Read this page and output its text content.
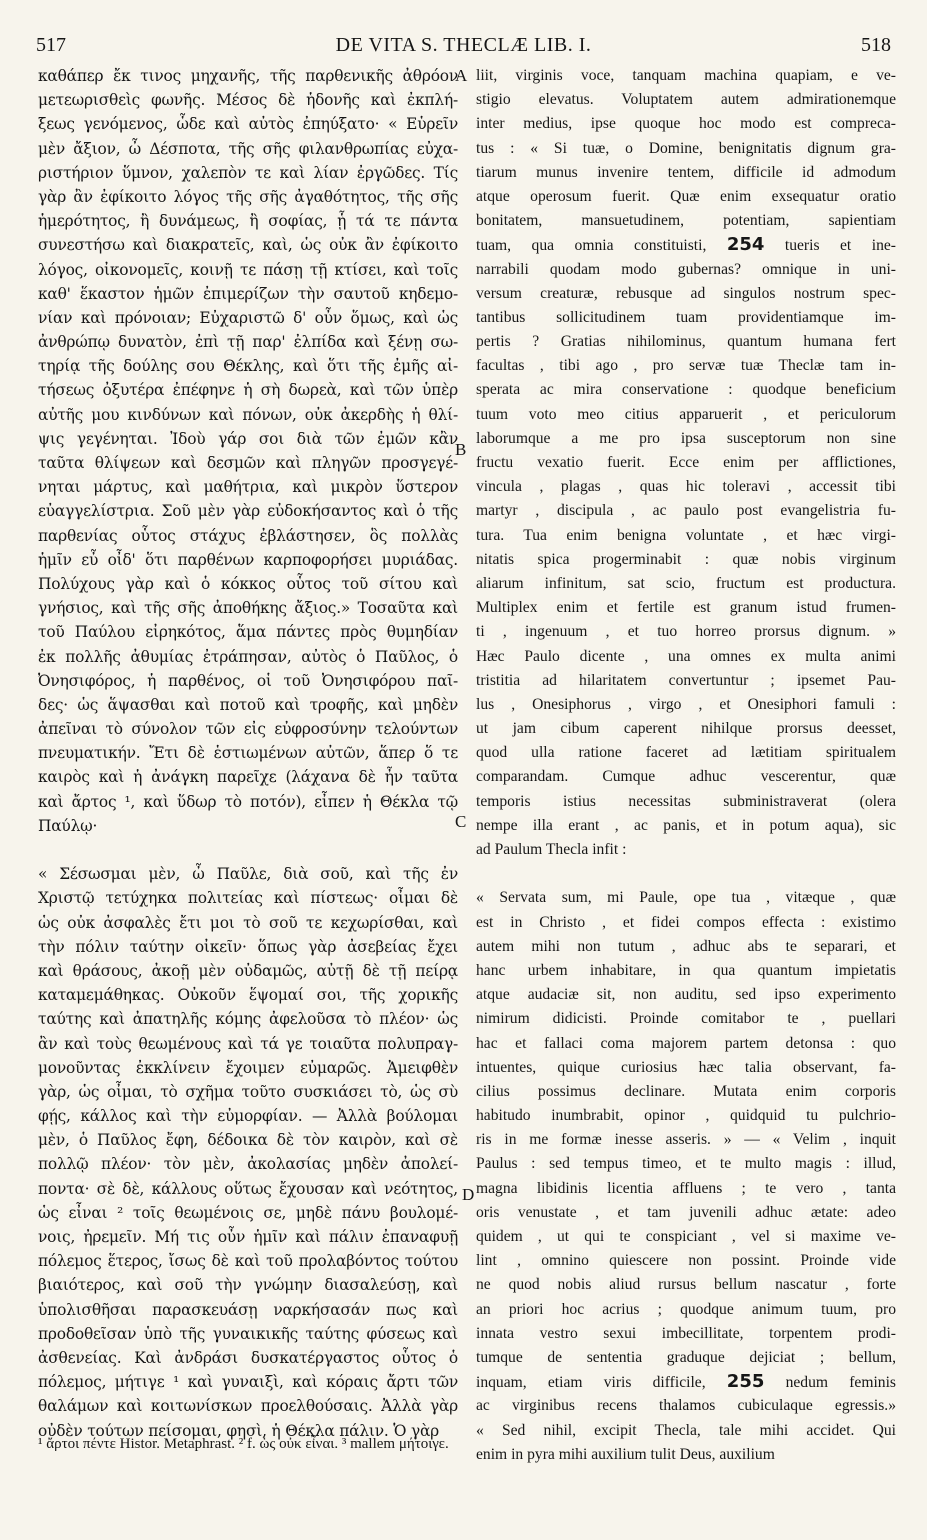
517	DE VITA S. THECLÆ LIB. I.	518
καθάπερ ἔκ τινος μηχανῆς, τῆς παρθενικῆς ἀθρόον
μετεωρισθεὶς φωνῆς. Μέσος δὲ ἡδονῆς καὶ ἐκπλή-
ξεως γενόμενος, ὧδε καὶ αὐτὸς ἐπηύξατο· « Εὑρεῖν
μὲν ἄξιον, ὦ Δέσποτα, τῆς σῆς φιλανθρωπίας εὐχα-
ριστήριον ὕμνον, χαλεπὸν τε καὶ λίαν ἐργῶδες. Τίς
γὰρ ἂν ἐφίκοιτο λόγος τῆς σῆς ἀγαθότητος, τῆς σῆς
ἡμερότητος, ἢ δυνάμεως, ἢ σοφίας, ᾗ τά τε πάντα
συνεστήσω καὶ διακρατεῖς, καὶ, ὡς οὐκ ἂν ἐφίκοιτο
λόγος, οἰκονομεῖς, κοινῇ τε πάσῃ τῇ κτίσει, καὶ τοῖς
καθ' ἕκαστον ἡμῶν ἐπιμερίζων τὴν σαυτοῦ κηδεμο-
νίαν καὶ πρόνοιαν; Εὐχαριστῶ δ' οὖν ὅμως, καὶ ὡς
ἀνθρώπῳ δυνατὸν, ἐπὶ τῇ παρ' ἐλπίδα καὶ ξένῃ σω-
τηρίᾳ τῆς δούλης σου Θέκλης, καὶ ὅτι τῆς ἐμῆς αἰ-
τήσεως ὀξυτέρα ἐπέφηνε ἡ σὴ δωρεὰ, καὶ τῶν ὑπὲρ
αὐτῆς μου κινδύνων καὶ πόνων, οὐκ ἀκερδὴς ἡ θλί-
ψις γεγένηται. Ἰδοὺ γάρ σοι διὰ τῶν ἐμῶν κἂν
ταῦτα θλίψεων καὶ δεσμῶν καὶ πληγῶν προσγεγέ-
νηται μάρτυς, καὶ μαθήτρια, καὶ μικρὸν ὕστερον
εὐαγγελίστρια. Σοῦ μὲν γὰρ εὐδοκήσαντος καὶ ὁ τῆς
παρθενίας οὗτος στάχυς ἐβλάστησεν, ὃς πολλὰς
ἡμῖν εὖ οἶδ' ὅτι παρθένων καρποφορήσει μυριάδας.
Πολύχους γὰρ καὶ ὁ κόκκος οὗτος τοῦ σίτου καὶ
γνήσιος, καὶ τῆς σῆς ἀποθήκης ἄξιος.» Τοσαῦτα καὶ
τοῦ Παύλου εἰρηκότος, ἅμα πάντες πρὸς θυμηδίαν
ἐκ πολλῆς ἀθυμίας ἐτράπησαν, αὐτὸς ὁ Παῦλος, ὁ
Ὀνησιφόρος, ἡ παρθένος, οἱ τοῦ Ὀνησιφόρου παῖ-
δες· ὡς ἅψασθαι καὶ ποτοῦ καὶ τροφῆς, καὶ μηδὲν
ἀπεῖναι τὸ σύνολον τῶν εἰς εὐφροσύνην τελούντων
πνευματικήν. Ἔτι δὲ ἑστιωμένων αὐτῶν, ἅπερ ὅ τε
καιρὸς καὶ ἡ ἀνάγκη παρεῖχε (λάχανα δὲ ἦν ταῦτα
καὶ ἄρτος ¹, καὶ ὕδωρ τὸ ποτόν), εἶπεν ἡ Θέκλα τῷ
Παύλῳ·
« Σέσωσμαι μὲν, ὦ Παῦλε, διὰ σοῦ, καὶ τῆς ἐν
Χριστῷ τετύχηκα πολιτείας καὶ πίστεως· οἶμαι δὲ
ὡς οὐκ ἀσφαλὲς ἔτι μοι τὸ σοῦ τε κεχωρίσθαι, καὶ
τὴν πόλιν ταύτην οἰκεῖν· ὅπως γὰρ ἀσεβείας ἔχει
καὶ θράσους, ἀκοῇ μὲν οὐδαμῶς, αὐτῇ δὲ τῇ πείρᾳ
καταμεμάθηκας. Οὐκοῦν ἕψομαί σοι, τῆς χορικῆς
ταύτης καὶ ἀπατηλῆς κόμης ἀφελοῦσα τὸ πλέον· ὡς
ἂν καὶ τοὺς θεωμένους καὶ τά γε τοιαῦτα πολυπραγ-
μονοῦντας ἐκκλίνειν ἔχοιμεν εὐμαρῶς. Ἀμειφθὲν
γὰρ, ὡς οἶμαι, τὸ σχῆμα τοῦτο συσκιάσει τὸ, ὡς σὺ
φῄς, κάλλος καὶ τὴν εὐμορφίαν. — Ἀλλὰ βούλομαι
μὲν, ὁ Παῦλος ἔφη, δέδοικα δὲ τὸν καιρὸν, καὶ σὲ
πολλῷ πλέον· τὸν μὲν, ἀκολασίας μηδὲν ἀπολεί-
ποντα· σὲ δὲ, κάλλους οὕτως ἔχουσαν καὶ νεότητος,
ὡς εἶναι ² τοῖς θεωμένοις σε, μηδὲ πάνυ βουλομέ-
νοις, ἠρεμεῖν. Μή τις οὖν ἡμῖν καὶ πάλιν ἐπαναφυῇ
πόλεμος ἕτερος, ἴσως δὲ καὶ τοῦ προλαβόντος τούτου
βιαιότερος, καὶ σοῦ τὴν γνώμην διασαλεύσῃ, καὶ
ὑπολισθῆσαι παρασκευάσῃ ναρκήσασάν πως καὶ
προδοθεῖσαν ὑπὸ τῆς γυναικικῆς ταύτης φύσεως καὶ
ἀσθενείας. Καὶ ἀνδράσι δυσκατέργαστος οὗτος ὁ
πόλεμος, μήτιγε ¹ καὶ γυναιξὶ, καὶ κόραις ἄρτι τῶν
θαλάμων καὶ κοιτωνίσκων προελθούσαις. Ἀλλὰ γὰρ
οὐδὲν τούτων πείσομαι, φησὶ, ἡ Θέκλα πάλιν. Ὁ γὰρ
liit, virginis voce, tanquam machina quapiam, e ve-
stigio elevatus. Voluptatem autem admirationemque
inter medius, ipse quoque hoc modo est compreca-
tus : « Si tuæ, o Domine, benignitatis dignum gra-
tiarum munus invenire tentem, difficile id admodum
atque operosum fuerit. Quæ enim exsequatur oratio
bonitatem, mansuetudinem, potentiam, sapientiam
tuam, qua omnia constituisti, 254 tueris et ine-
narrabili quodam modo gubernas? omnique in uni-
versum creaturæ, rebusque ad singulos nostrum spec-
tantibus sollicitudinem tuam providentiamque im-
pertis ? Gratias nihilominus, quantum humana fert
facultas , tibi ago , pro servæ tuæ Theclæ tam in-
sperata ac mira conservatione : quodque beneficium
tuum voto meo citius apparuerit , et periculorum
laborumque a me pro ipsa susceptorum non sine
fructu vexatio fuerit. Ecce enim per afflictiones,
vincula , plagas , quas hic toleravi , accessit tibi
martyr , discipula , ac paulo post evangelistria fu-
tura. Tua enim benigna voluntate , et hæc virgi-
nitatis spica progerminabit : quæ nobis virginum
aliarum infinitum, sat scio, fructum est productura.
Multiplex enim et fertile est granum istud frumen-
ti , ingenuum , et tuo horreo prorsus dignum. »
Hæc Paulo dicente , una omnes ex multa animi
tristitia ad hilaritatem convertuntur ; ipsemet Pau-
lus , Onesiphorus , virgo , et Onesiphori famuli :
ut jam cibum caperent nihilque prorsus deesset,
quod ulla ratione faceret ad lætitiam spiritualem
comparandam. Cumque adhuc vescerentur, quæ
temporis istius necessitas subministraverat (olera
nempe illa erant , ac panis, et in potum aqua), sic
ad Paulum Thecla infit :
« Servata sum, mi Paule, ope tua , vitæque , quæ
est in Christo , et fidei compos effecta : existimo
autem mihi non tutum , adhuc abs te separari, et
hanc urbem inhabitare, in qua quantum impietatis
atque audaciæ sit, non auditu, sed ipso experimento
nimirum didicisti. Proinde comitabor te , puellari
hac et fallaci coma majorem partem detonsa : quo
intuentes, quique curiosius hæc talia observant, fa-
cilius possimus declinare. Mutata enim corporis
habitudo inumbrabit, opinor , quidquid tu pulchrio-
ris in me formæ inesse asseris. » — « Velim , inquit
Paulus : sed tempus timeo, et te multo magis : illud,
magna libidinis licentia affluens ; te vero , tanta
oris venustate , et tam juvenili adhuc ætate: adeo
quidem , ut qui te conspiciant , vel si maxime ve-
lint , omnino quiescere non possint. Proinde vide
ne quod nobis aliud rursus bellum nascatur , forte
an priori hoc acrius ; quodque animum tuum, pro
innata vestro sexui imbecillitate, torpentem prodi-
tumque de sententia graduque dejiciat ; bellum,
inquam, etiam viris difficile, 255 nedum feminis
ac virginibus recens thalamos cubiculaque egressis.»
« Sed nihil, excipit Thecla, tale mihi accidet. Qui
enim in pyra mihi auxilium tulit Deus, auxilium
A
B
C
D
¹ ἄρτοι πέντε Histor. Metaphrast. ² f. ὡς οὐκ εἶναι. ³ mallem μήτοιγε.
